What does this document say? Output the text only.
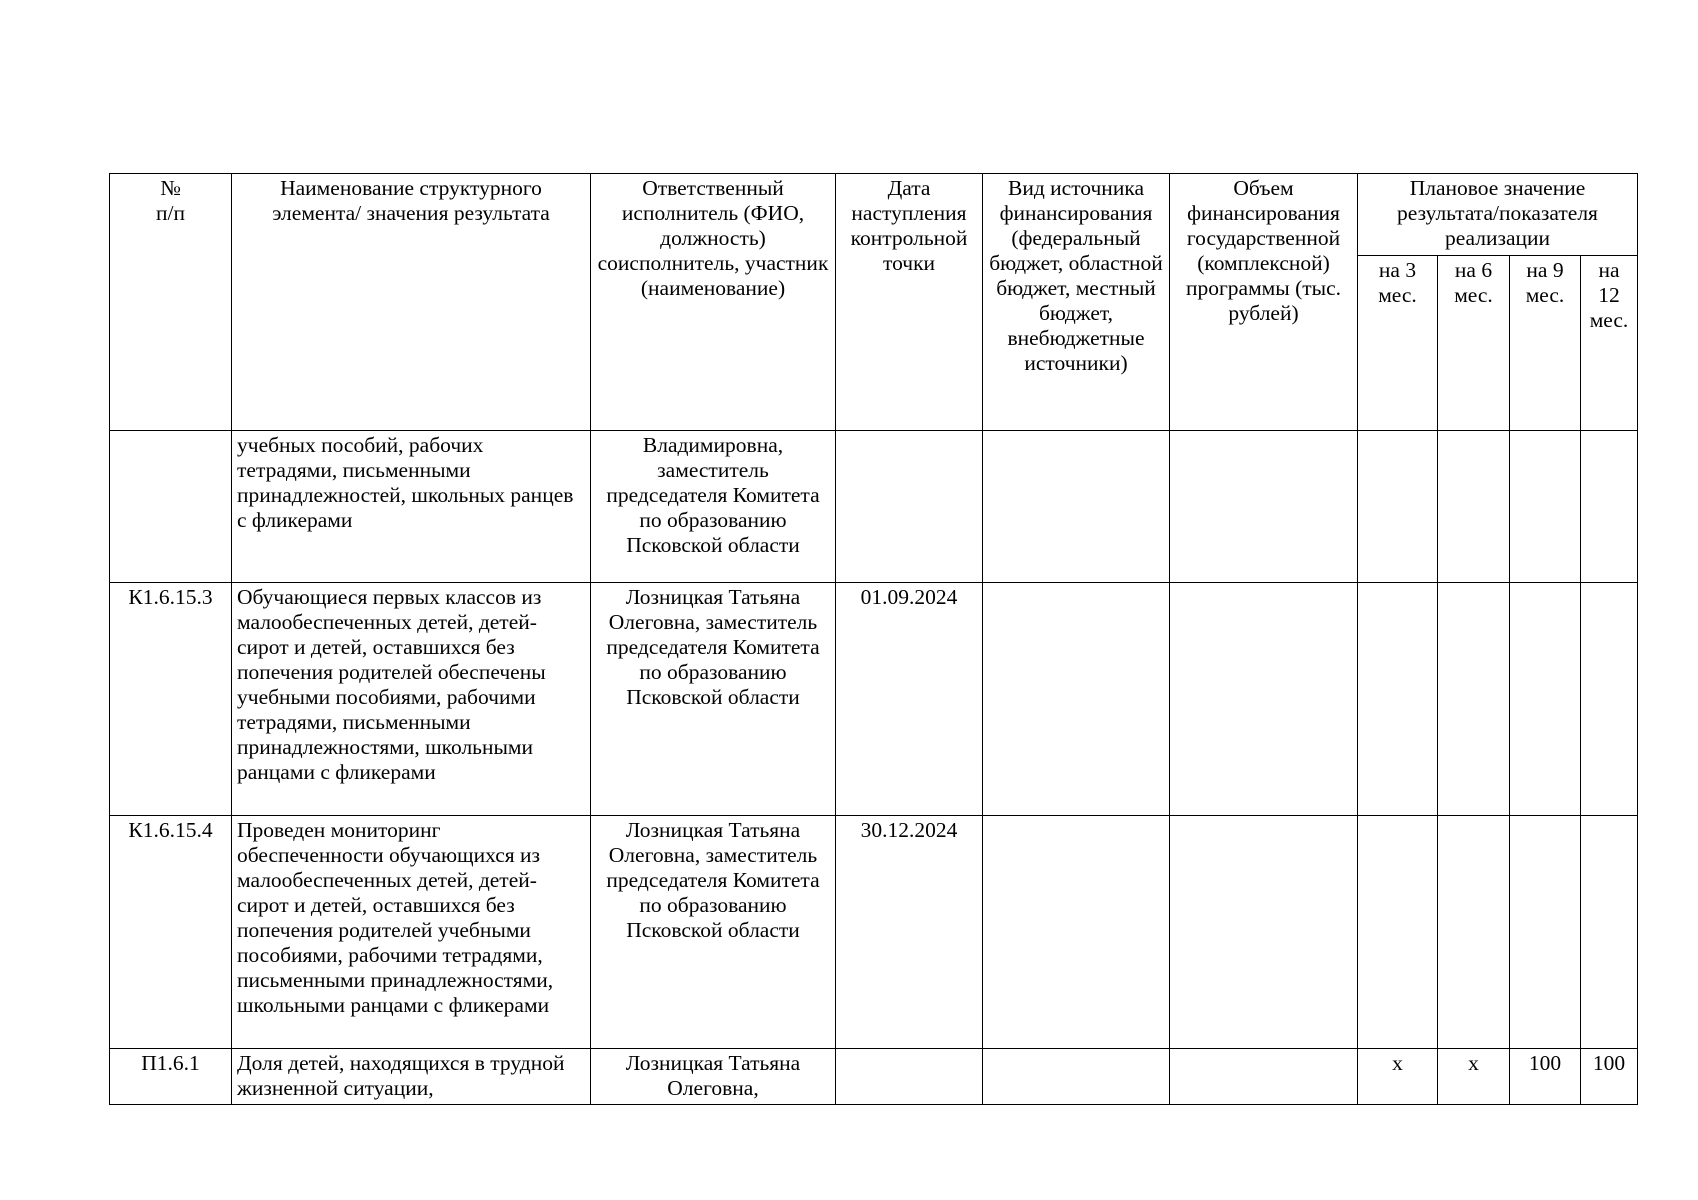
№
п/п	Наименование структурного элемента/ значения результата	Ответственный исполнитель (ФИО, должность) соисполнитель, участник (наименование)	Дата наступления контрольной точки	Вид источника финансирования (федеральный бюджет, областной бюджет, местный бюджет, внебюджетные источники)	Объем финансирования государственной (комплексной) программы (тыс. рублей)	Плановое значение результата/показателя реализации			
						на 3 мес.	на 6 мес.	на 9 мес.	на 12 мес.
	учебных пособий, рабочих тетрадями, письменными принадлежностей, школьных ранцев с фликерами	Владимировна, заместитель председателя Комитета по образованию Псковской области							
К1.6.15.3	Обучающиеся первых классов из малообеспеченных детей, детей-сирот и детей, оставшихся без попечения родителей обеспечены учебными пособиями, рабочими тетрадями, письменными принадлежностями, школьными ранцами с фликерами	Лозницкая Татьяна Олеговна, заместитель председателя Комитета по образованию Псковской области	01.09.2024						
К1.6.15.4	Проведен мониторинг обеспеченности обучающихся из малообеспеченных детей, детей-сирот и детей, оставшихся без попечения родителей учебными пособиями, рабочими тетрадями, письменными принадлежностями, школьными ранцами с фликерами	Лозницкая Татьяна Олеговна, заместитель председателя Комитета по образованию Псковской области	30.12.2024						
П1.6.1	Доля детей, находящихся в трудной жизненной ситуации,	Лозницкая Татьяна Олеговна,				х	х	100	100
